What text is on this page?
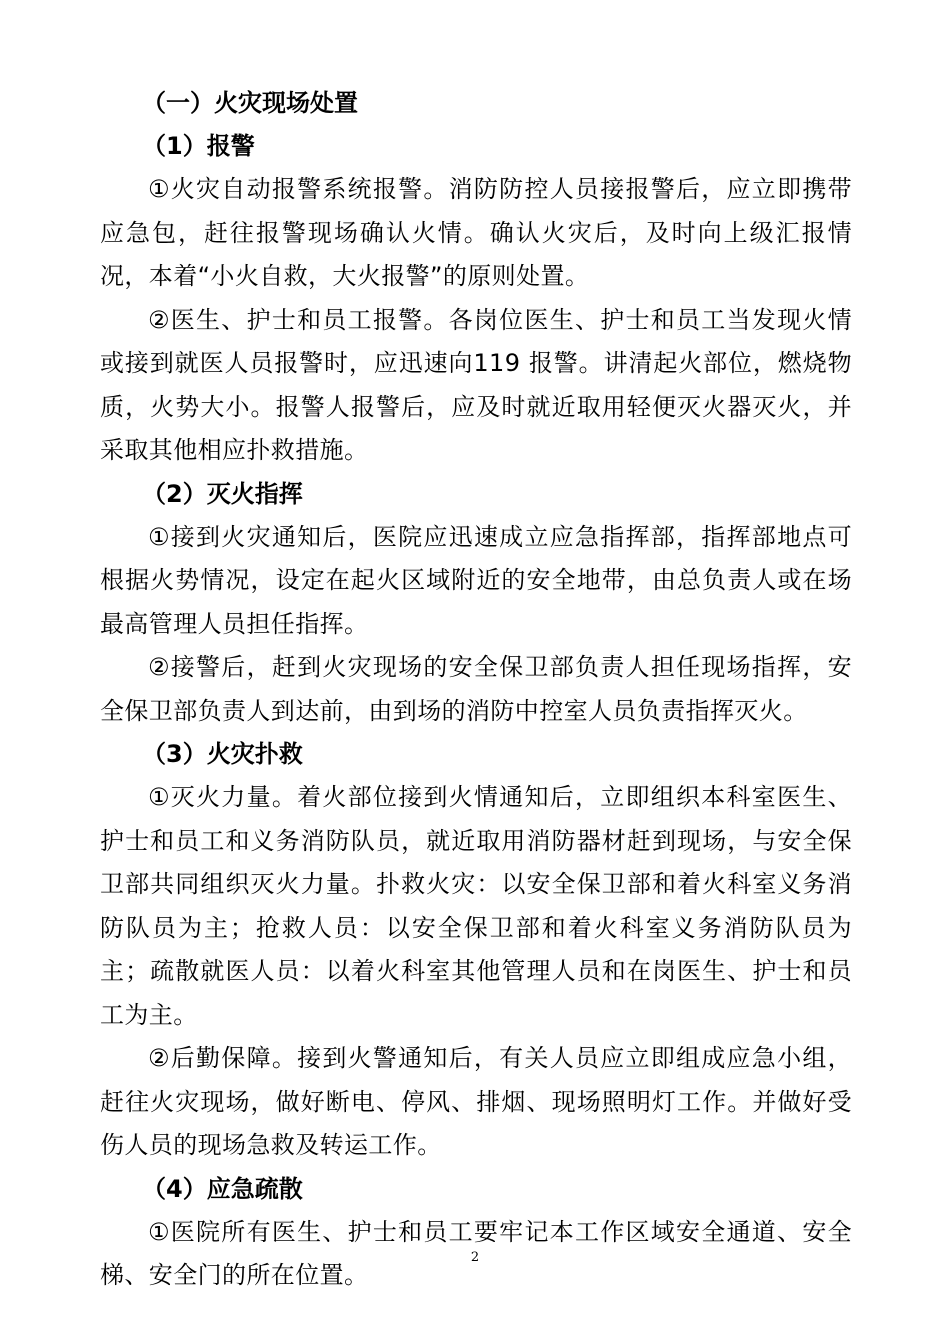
（一）火灾现场处置

（1）报警

①火灾自动报警系统报警。消防防控人员接报警后，应立即携带应急包，赶往报警现场确认火情。确认火灾后，及时向上级汇报情况，本着“小火自救，大火报警”的原则处置。

②医生、护士和员工报警。各岗位医生、护士和员工当发现火情或接到就医人员报警时，应迅速向119 报警。讲清起火部位，燃烧物质，火势大小。报警人报警后，应及时就近取用轻便灭火器灭火，并采取其他相应扑救措施。

（2）灭火指挥

①接到火灾通知后，医院应迅速成立应急指挥部，指挥部地点可根据火势情况，设定在起火区域附近的安全地带，由总负责人或在场最高管理人员担任指挥。

②接警后，赶到火灾现场的安全保卫部负责人担任现场指挥，安全保卫部负责人到达前，由到场的消防中控室人员负责指挥灭火。

（3）火灾扑救

①灭火力量。着火部位接到火情通知后，立即组织本科室医生、护士和员工和义务消防队员，就近取用消防器材赶到现场，与安全保卫部共同组织灭火力量。扑救火灾：以安全保卫部和着火科室义务消防队员为主；抢救人员：以安全保卫部和着火科室义务消防队员为主；疏散就医人员：以着火科室其他管理人员和在岗医生、护士和员工为主。

②后勤保障。接到火警通知后，有关人员应立即组成应急小组，赶往火灾现场，做好断电、停风、排烟、现场照明灯工作。并做好受伤人员的现场急救及转运工作。

（4）应急疏散

①医院所有医生、护士和员工要牢记本工作区域安全通道、安全梯、安全门的所在位置。

2
